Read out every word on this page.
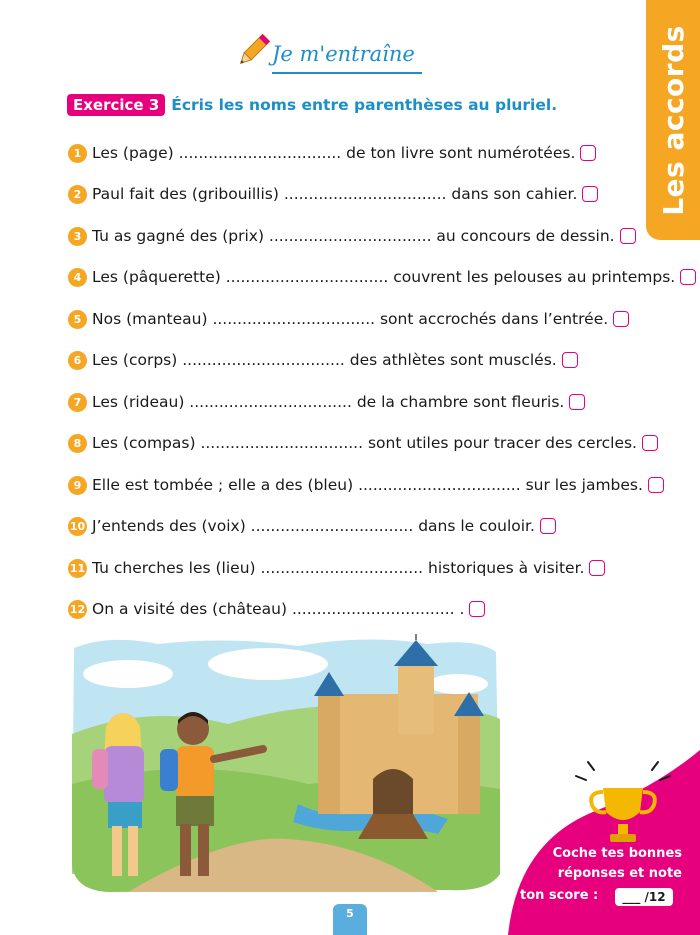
Les accords
Je m'entraîne
Exercice 3 Écris les noms entre parenthèses au pluriel.
1 Les (page) ................................. de ton livre sont numérotées.
2 Paul fait des (gribouillis) ................................. dans son cahier.
3 Tu as gagné des (prix) ................................. au concours de dessin.
4 Les (pâquerette) ................................. couvrent les pelouses au printemps.
5 Nos (manteau) ................................. sont accrochés dans l’entrée.
6 Les (corps) ................................. des athlètes sont musclés.
7 Les (rideau) ................................. de la chambre sont fleuris.
8 Les (compas) ................................. sont utiles pour tracer des cercles.
9 Elle est tombée ; elle a des (bleu) ................................. sur les jambes.
10 J’entends des (voix) ................................. dans le couloir.
11 Tu cherches les (lieu) ................................. historiques à visiter.
12 On a visité des (château) ................................. .
Coche tes bonnes
réponses et note
ton score :	___ /12
5
